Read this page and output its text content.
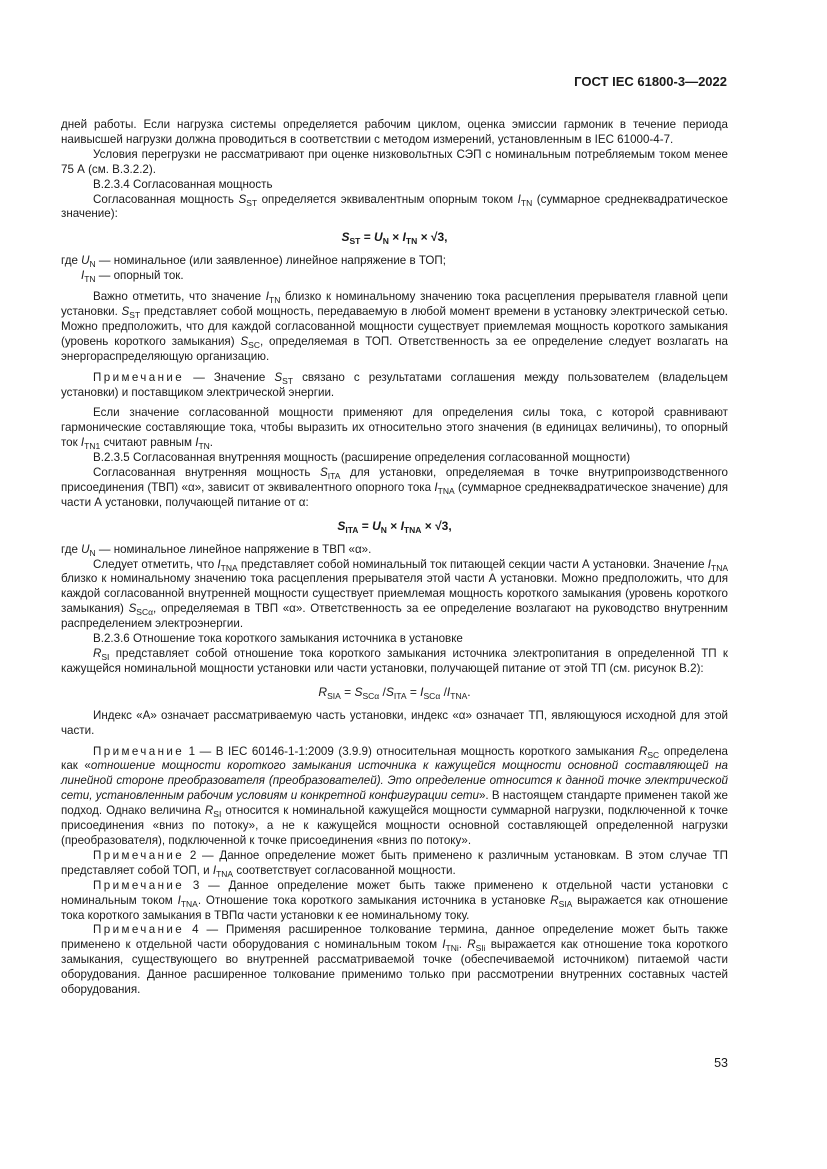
ГОСТ IEC 61800-3—2022

дней работы. Если нагрузка системы определяется рабочим циклом, оценка эмиссии гармоник в течение периода наивысшей нагрузки должна проводиться в соответствии с методом измерений, установленным в IEC 61000-4-7.

Условия перегрузки не рассматривают при оценке низковольтных СЭП с номинальным потребляемым током менее 75 А (см. В.3.2.2).

В.2.3.4 Согласованная мощность

Согласованная мощность $S_{ST}$ определяется эквивалентным опорным током $I_{TN}$ (суммарное среднеквадратическое значение):

$S_{ST} = U_N \times I_{TN} \times √3$,

где $U_N$ — номинальное (или заявленное) линейное напряжение в ТОП;

$I_{TN}$ — опорный ток.

Важно отметить, что значение $I_{TN}$ близко к номинальному значению тока расцепления прерывателя главной цепи установки. $S_{ST}$ представляет собой мощность, передаваемую в любой момент времени в установку электрической сетью. Можно предположить, что для каждой согласованной мощности существует приемлемая мощность короткого замыкания (уровень короткого замыкания) $S_{SC}$, определяемая в ТОП. Ответственность за ее определение следует возлагать на энергораспределяющую организацию.

Примечание — Значение $S_{ST}$ связано с результатами соглашения между пользователем (владельцем установки) и поставщиком электрической энергии.

Если значение согласованной мощности применяют для определения силы тока, с которой сравнивают гармонические составляющие тока, чтобы выразить их относительно этого значения (в единицах величины), то опорный ток $I_{TN1}$ считают равным $I_{TN}$.

В.2.3.5 Согласованная внутренняя мощность (расширение определения согласованной мощности)

Согласованная внутренняя мощность $S_{ITA}$ для установки, определяемая в точке внутрипроизводственного присоединения (ТВП) «α», зависит от эквивалентного опорного тока $I_{TNA}$ (суммарное среднеквадратическое значение) для части А установки, получающей питание от α:

$S_{ITA} = U_N \times I_{TNA} \times √3$,

где $U_N$ — номинальное линейное напряжение в ТВП «α».

Следует отметить, что $I_{TNA}$ представляет собой номинальный ток питающей секции части А установки. Значение $I_{TNA}$ близко к номинальному значению тока расцепления прерывателя этой части А установки. Можно предположить, что для каждой согласованной внутренней мощности существует приемлемая мощность короткого замыкания (уровень короткого замыкания) $S_{SC\alpha}$, определяемая в ТВП «α». Ответственность за ее определение возлагают на руководство внутренним распределением электроэнергии.

В.2.3.6 Отношение тока короткого замыкания источника в установке

$R_{SI}$ представляет собой отношение тока короткого замыкания источника электропитания в определенной ТП к кажущейся номинальной мощности установки или части установки, получающей питание от этой ТП (см. рисунок В.2):

$R_{SIA} = S_{SC\alpha}$ $/S_{ITA} = I_{SC\alpha}$ $/I_{TNA}$.

Индекс «А» означает рассматриваемую часть установки, индекс «α» означает ТП, являющуюся исходной для этой части.

Примечание 1 — В IEC 60146-1-1:2009 (3.9.9) относительная мощность короткого замыкания $R_{SC}$ определена как «отношение мощности короткого замыкания источника к кажущейся мощности основной составляющей на линейной стороне преобразователя (преобразователей). Это определение относится к данной точке электрической сети, установленным рабочим условиям и конкретной конфигурации сети». В настоящем стандарте применен такой же подход. Однако величина $R_{SI}$ относится к номинальной кажущейся мощности суммарной нагрузки, подключенной к точке присоединения «вниз по потоку», а не к кажущейся мощности основной составляющей определенной нагрузки (преобразователя), подключенной к точке присоединения «вниз по потоку».

Примечание 2 — Данное определение может быть применено к различным установкам. В этом случае ТП представляет собой ТОП, и $I_{TNA}$ соответствует согласованной мощности.

Примечание 3 — Данное определение может быть также применено к отдельной части установки с номинальным током $I_{TNA}$. Отношение тока короткого замыкания источника в установке $R_{SIA}$ выражается как отношение тока короткого замыкания в ТВПα части установки к ее номинальному току.

Примечание 4 — Применяя расширенное толкование термина, данное определение может быть также применено к отдельной части оборудования с номинальным током $I_{TNi}$. $R_{SIi}$ выражается как отношение тока короткого замыкания, существующего во внутренней рассматриваемой точке (обеспечиваемой источником) питаемой части оборудования. Данное расширенное толкование применимо только при рассмотрении внутренних составных частей оборудования.

53
